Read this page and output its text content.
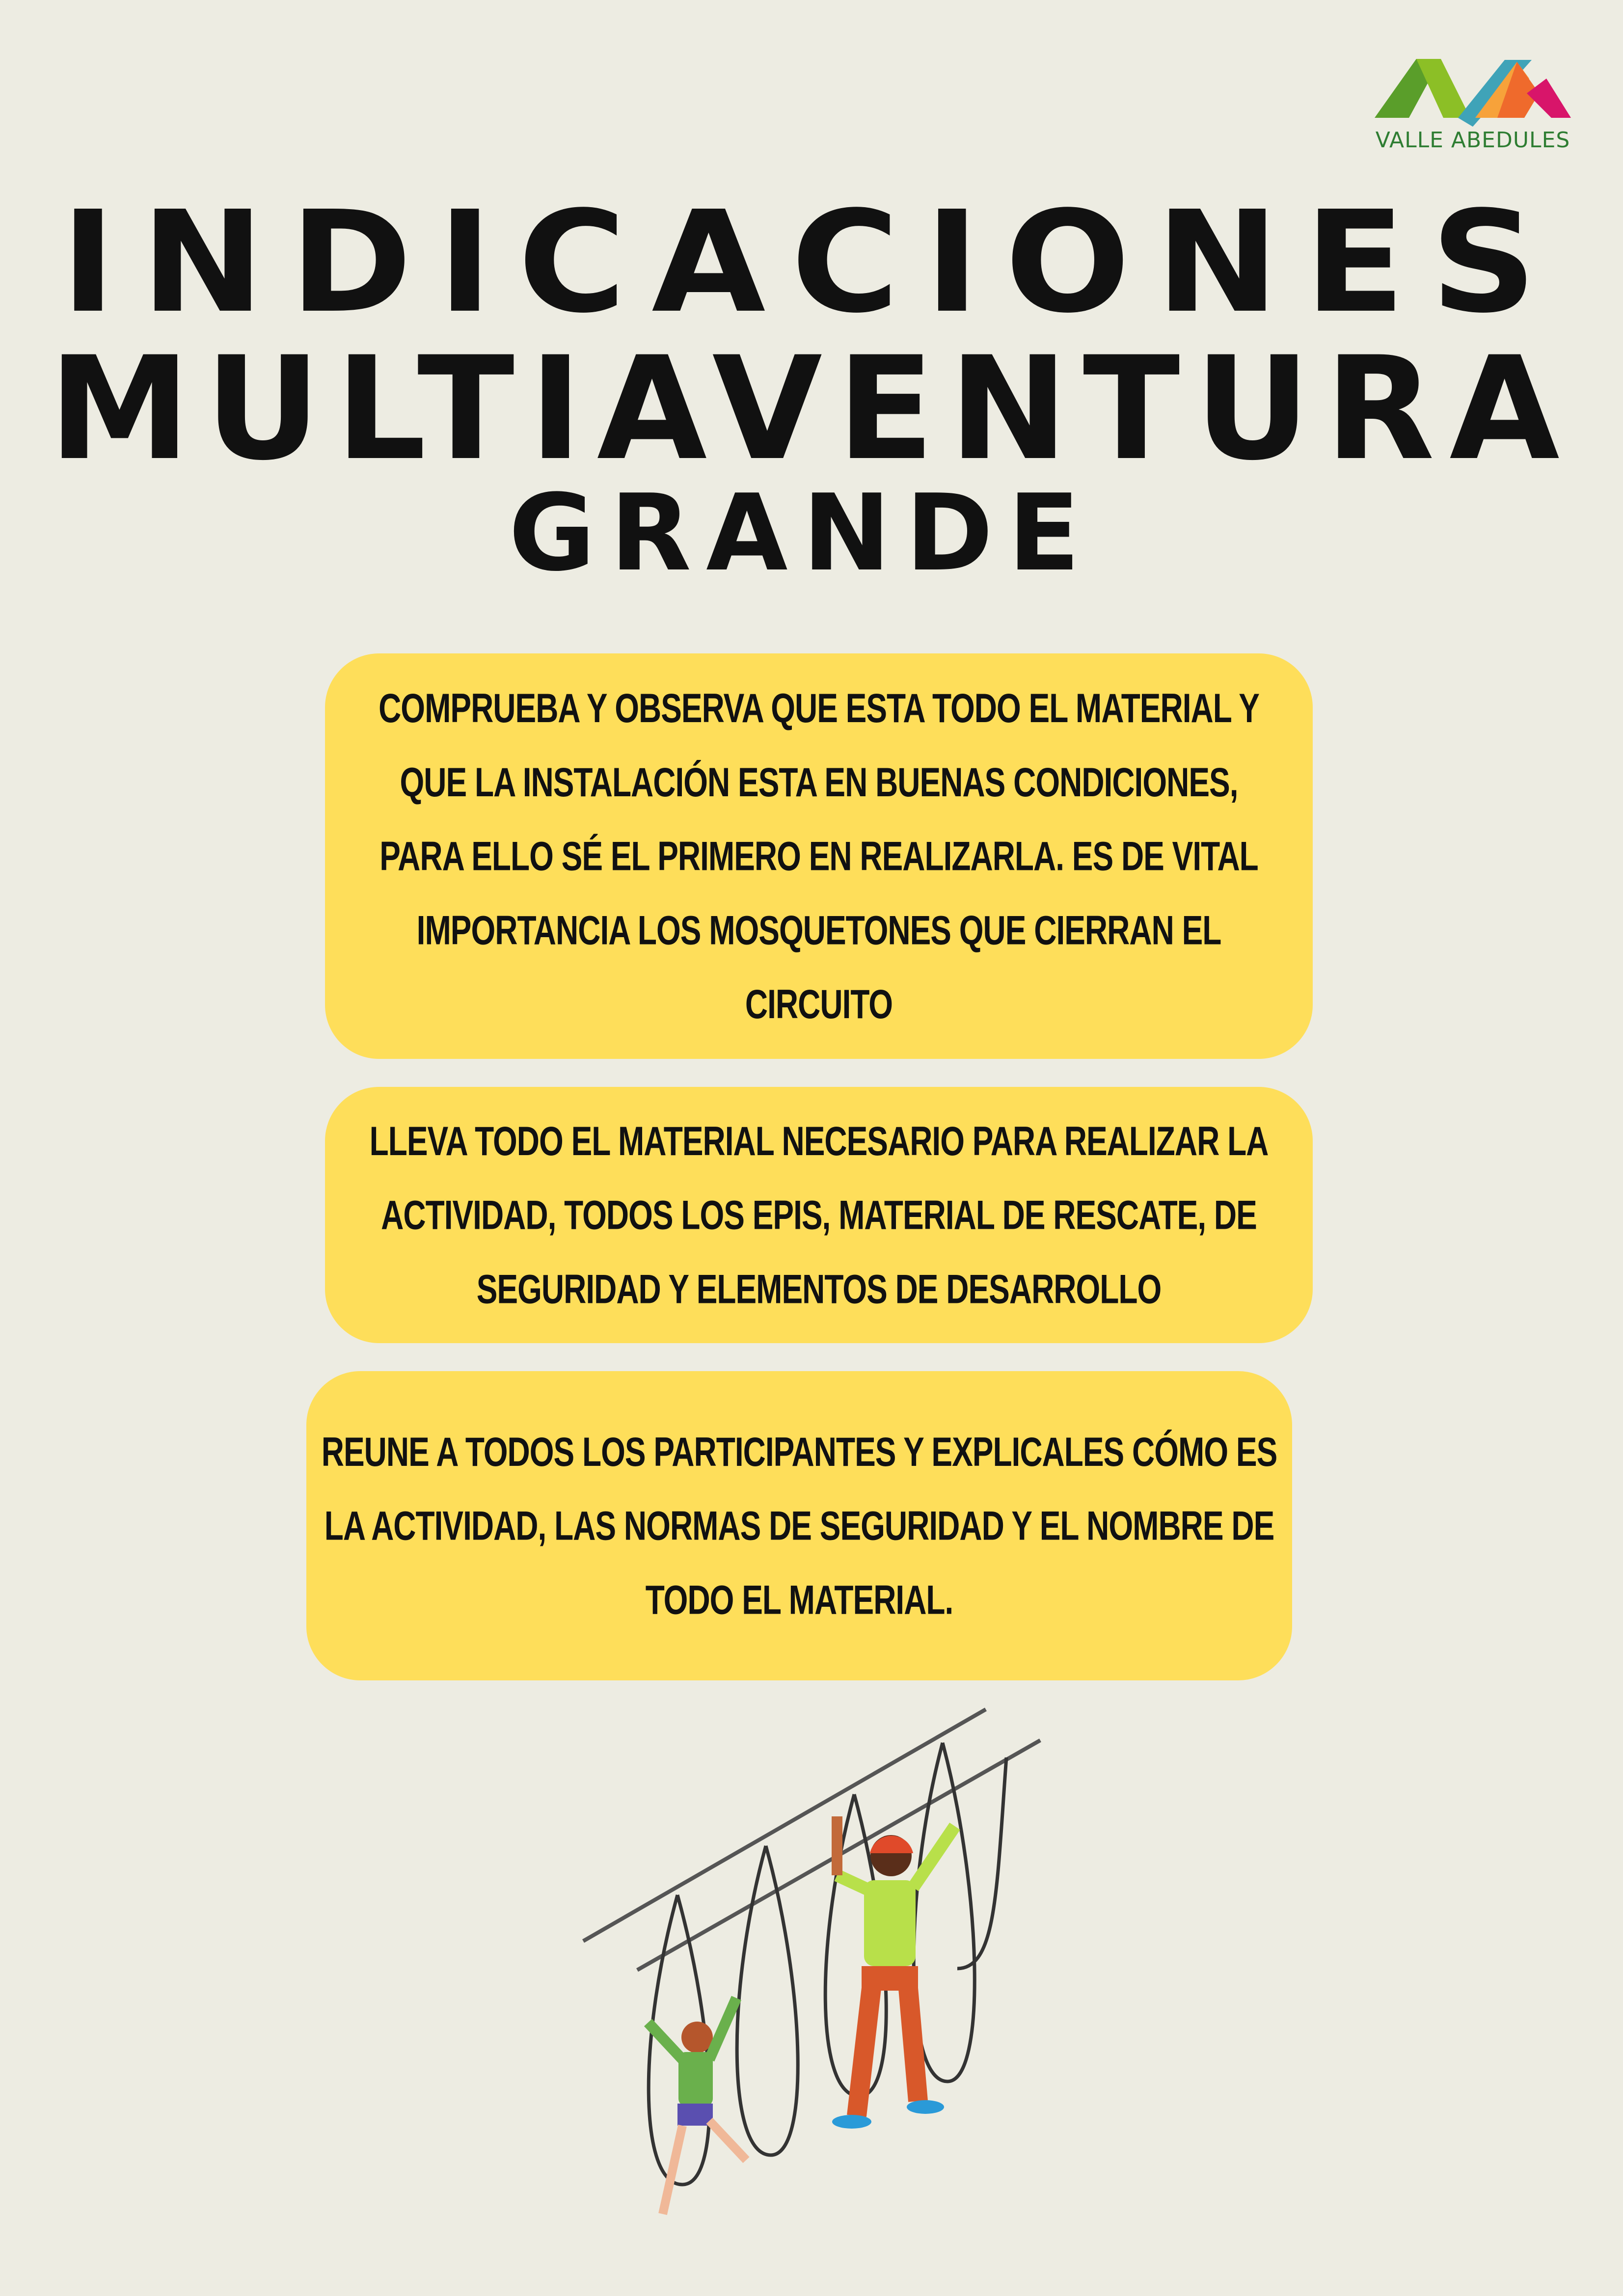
VALLE ABEDULES
INDICACIONES
MULTIAVENTURA
GRANDE

COMPRUEBA Y OBSERVA QUE ESTA TODO EL MATERIAL Y QUE LA INSTALACIÓN ESTA EN BUENAS CONDICIONES, PARA ELLO SÉ EL PRIMERO EN REALIZARLA. ES DE VITAL IMPORTANCIA LOS MOSQUETONES QUE CIERRAN EL CIRCUITO

LLEVA TODO EL MATERIAL NECESARIO PARA REALIZAR LA ACTIVIDAD, TODOS LOS EPIS, MATERIAL DE RESCATE, DE SEGURIDAD Y ELEMENTOS DE DESARROLLO

REUNE A TODOS LOS PARTICIPANTES Y EXPLICALES CÓMO ES LA ACTIVIDAD, LAS NORMAS DE SEGURIDAD Y EL NOMBRE DE TODO EL MATERIAL.
